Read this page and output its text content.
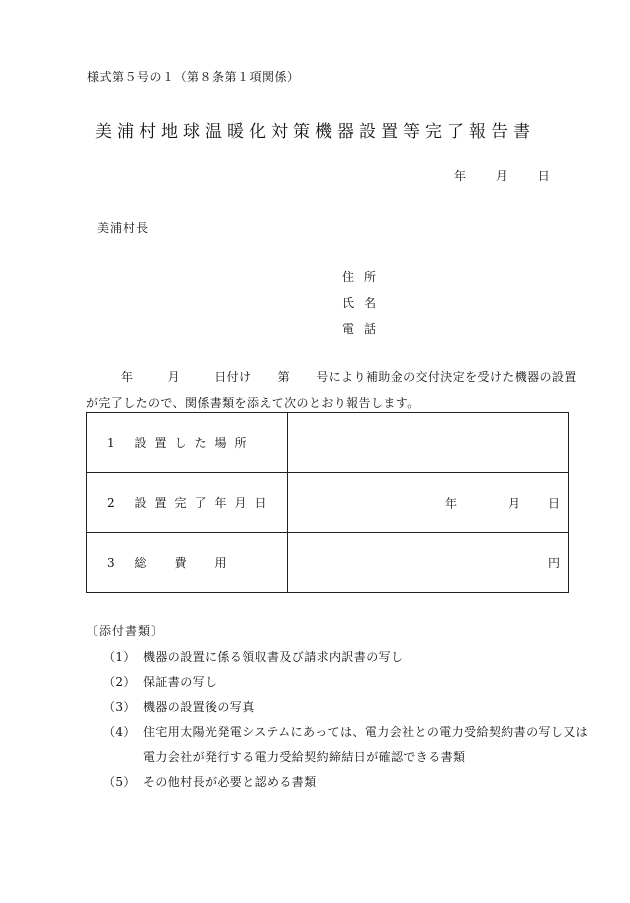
様式第５号の１（第８条第１項関係）
美浦村地球温暖化対策機器設置等完了報告書
年 月 日
美浦村長
住所
氏名
電話
年	月	日付け 第 号により補助金の交付決定を受けた機器の設置
が完了したので、関係書類を添えて次のとおり報告します。
1 設置した場所	
2 設置完了年月日	年 月 日

3 総　費　用	円
〔添付書類〕
（1） 機器の設置に係る領収書及び請求内訳書の写し
（2） 保証書の写し
（3） 機器の設置後の写真
（4） 住宅用太陽光発電システムにあっては、電力会社との電力受給契約書の写し又は
電力会社が発行する電力受給契約締結日が確認できる書類
（5） その他村長が必要と認める書類
